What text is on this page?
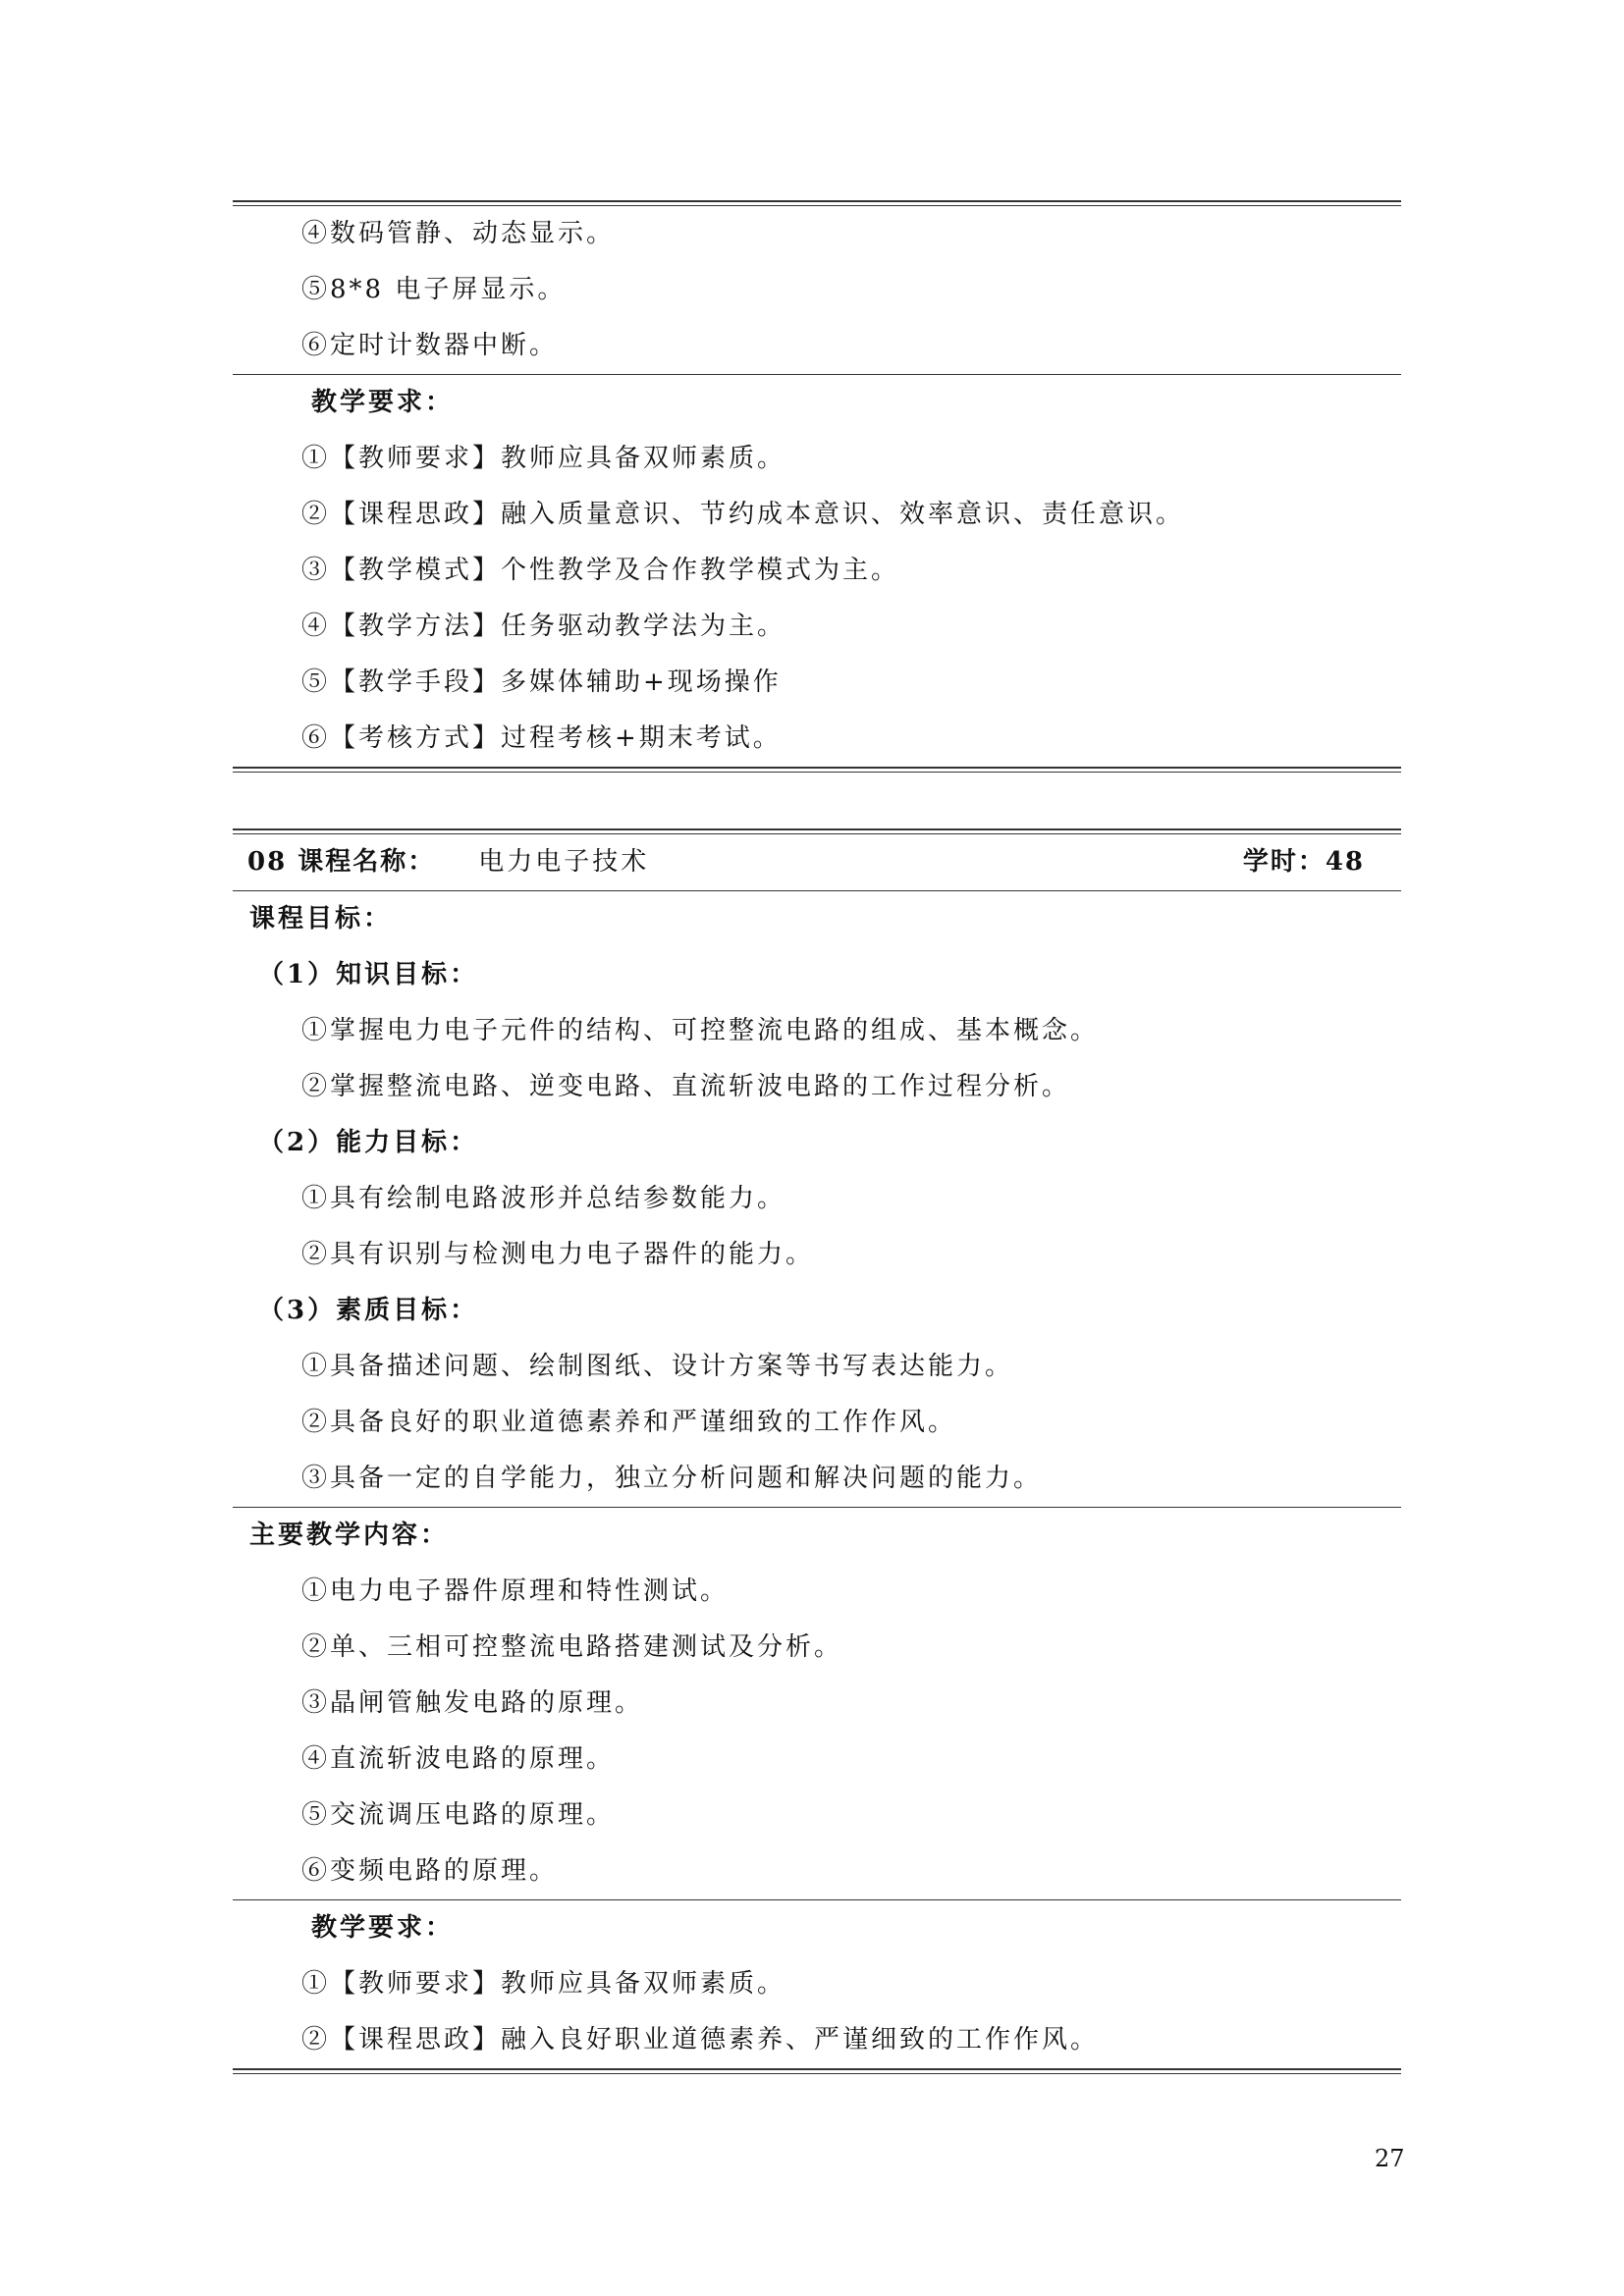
④数码管静、动态显示。
⑤8*8 电子屏显示。
⑥定时计数器中断。
教学要求：
①【教师要求】教师应具备双师素质。
②【课程思政】融入质量意识、节约成本意识、效率意识、责任意识。
③【教学模式】个性教学及合作教学模式为主。
④【教学方法】任务驱动教学法为主。
⑤【教学手段】多媒体辅助+现场操作
⑥【考核方式】过程考核+期末考试。
08 课程名称： 电力电子技术	学时：48
课程目标：
（1）知识目标：
①掌握电力电子元件的结构、可控整流电路的组成、基本概念。
②掌握整流电路、逆变电路、直流斩波电路的工作过程分析。
（2）能力目标：
①具有绘制电路波形并总结参数能力。
②具有识别与检测电力电子器件的能力。
（3）素质目标：
①具备描述问题、绘制图纸、设计方案等书写表达能力。
②具备良好的职业道德素养和严谨细致的工作作风。
③具备一定的自学能力，独立分析问题和解决问题的能力。
主要教学内容：
①电力电子器件原理和特性测试。
②单、三相可控整流电路搭建测试及分析。
③晶闸管触发电路的原理。
④直流斩波电路的原理。
⑤交流调压电路的原理。
⑥变频电路的原理。
教学要求：
①【教师要求】教师应具备双师素质。
②【课程思政】融入良好职业道德素养、严谨细致的工作作风。
27
